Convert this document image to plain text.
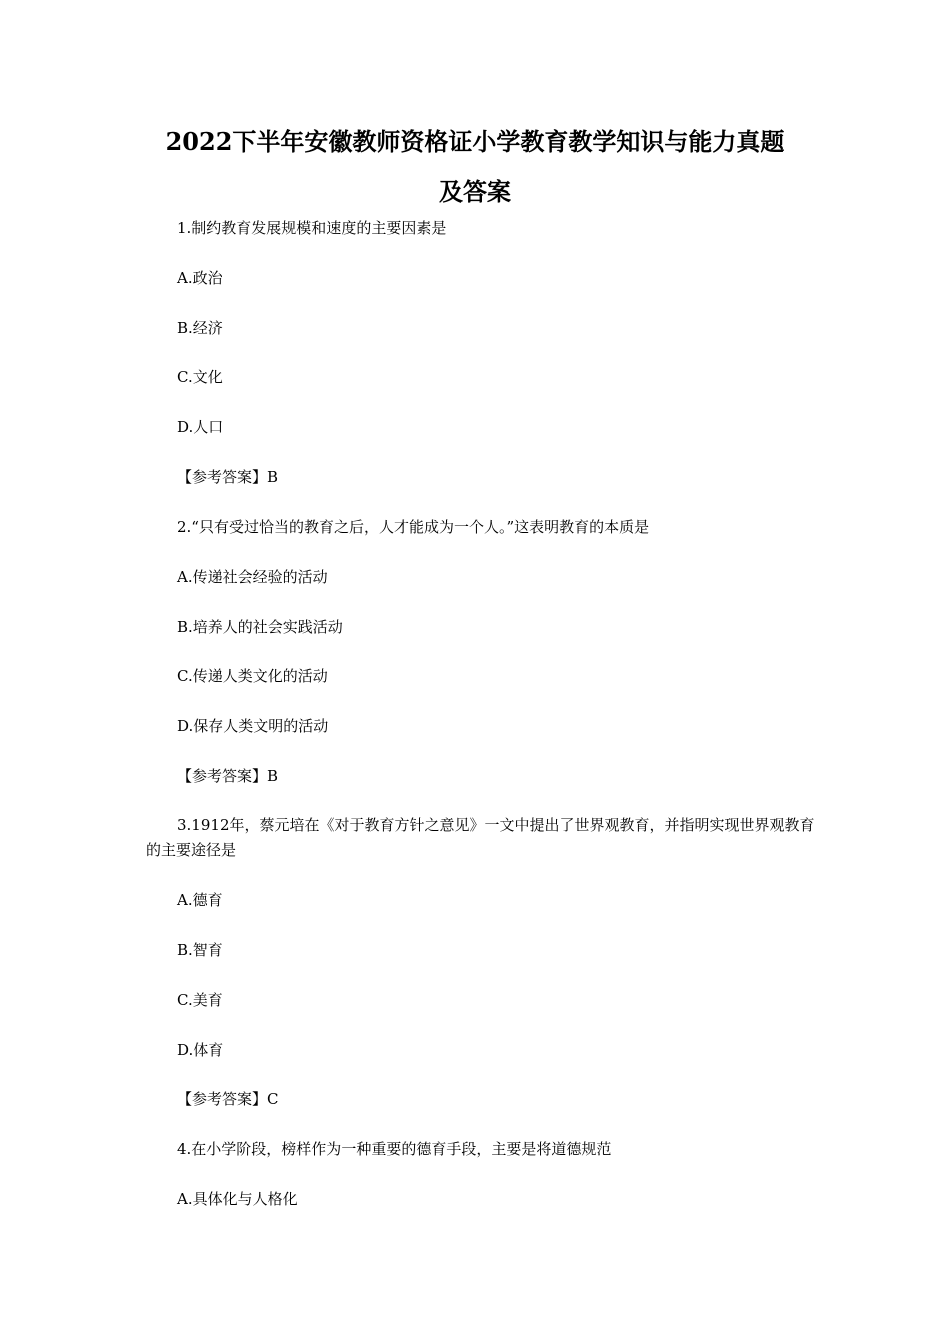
2022下半年安徽教师资格证小学教育教学知识与能力真题
及答案
1.制约教育发展规模和速度的主要因素是
A.政治
B.经济
C.文化
D.人口
【参考答案】B
2.“只有受过恰当的教育之后，人才能成为一个人。”这表明教育的本质是
A.传递社会经验的活动
B.培养人的社会实践活动
C.传递人类文化的活动
D.保存人类文明的活动
【参考答案】B
3.1912年，蔡元培在《对于教育方针之意见》一文中提出了世界观教育，并指明实现世界观教育的主要途径是
A.德育
B.智育
C.美育
D.体育
【参考答案】C
4.在小学阶段，榜样作为一种重要的德育手段，主要是将道德规范
A.具体化与人格化
